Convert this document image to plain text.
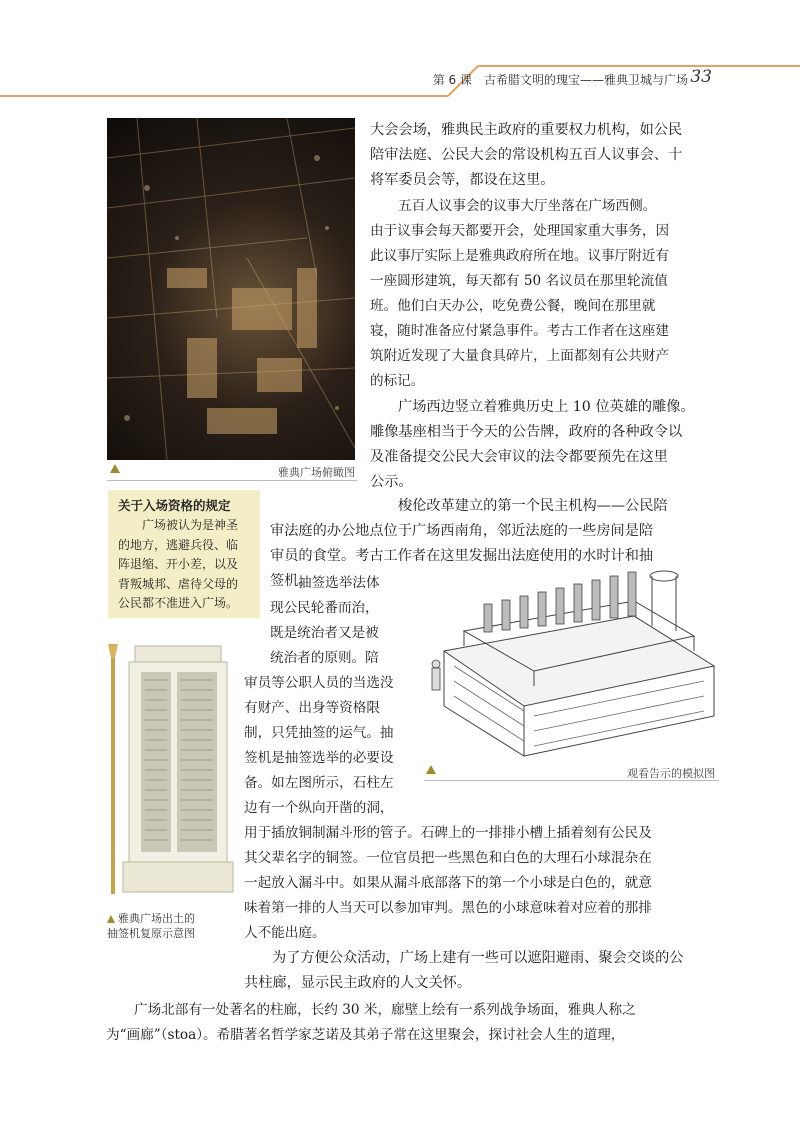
第 6 课　古希腊文明的瑰宝——雅典卫城与广场 33
雅典广场俯瞰图

大会会场，雅典民主政府的重要权力机构，如公民

陪审法庭、公民大会的常设机构五百人议事会、十

将军委员会等，都设在这里。

五百人议事会的议事大厅坐落在广场西侧。

由于议事会每天都要开会，处理国家重大事务，因

此议事厅实际上是雅典政府所在地。议事厅附近有

一座圆形建筑，每天都有 50 名议员在那里轮流值

班。他们白天办公，吃免费公餐，晚间在那里就

寝，随时准备应付紧急事件。考古工作者在这座建

筑附近发现了大量食具碎片，上面都刻有公共财产

的标记。

广场西边竖立着雅典历史上 10 位英雄的雕像。

雕像基座相当于今天的公告牌，政府的各种政令以

及准备提交公民大会审议的法令都要预先在这里

公示。

梭伦改革建立的第一个民主机构——公民陪

审法庭的办公地点位于广场西南角，邻近法庭的一些房间是陪

审员的食堂。考古工作者在这里发掘出法庭使用的水时计和抽

签机。

抽签选举法体

现公民轮番而治，

既是统治者又是被

统治者的原则。陪

审员等公职人员的当选没

有财产、出身等资格限

制，只凭抽签的运气。抽

签机是抽签选举的必要设

备。如左图所示，石柱左

边有一个纵向开凿的洞，

用于插放铜制漏斗形的管子。石碑上的一排排小槽上插着刻有公民及

其父辈名字的铜签。一位官员把一些黑色和白色的大理石小球混杂在

一起放入漏斗中。如果从漏斗底部落下的第一个小球是白色的，就意

味着第一排的人当天可以参加审判。黑色的小球意味着对应着的那排

人不能出庭。

为了方便公众活动，广场上建有一些可以遮阳避雨、聚会交谈的公

共柱廊，显示民主政府的人文关怀。

广场北部有一处著名的柱廊，长约 30 米，廊壁上绘有一系列战争场面，雅典人称之

为“画廊”（stoa）。希腊著名哲学家芝诺及其弟子常在这里聚会，探讨社会人生的道理，

关于入场资格的规定

广场被认为是神圣

的地方，逃避兵役、临

阵退缩、开小差，以及

背叛城邦、虐待父母的

公民都不准进入广场。

雅典广场出土的
抽签机复原示意图
观看告示的模拟图
